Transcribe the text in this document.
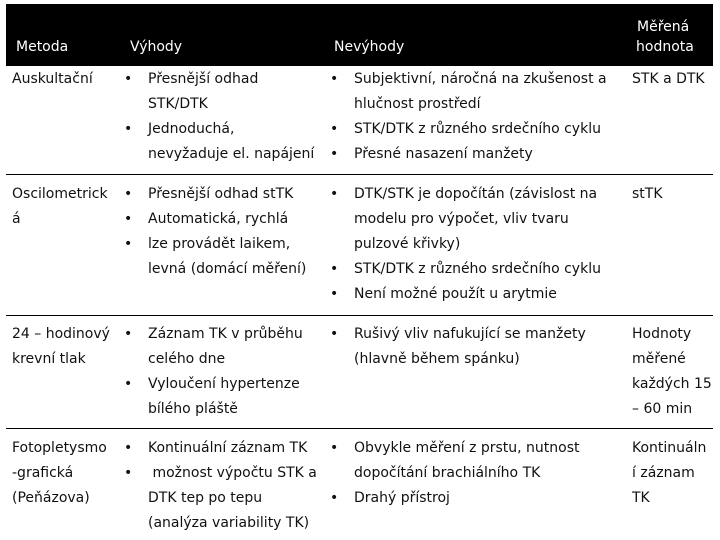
Metoda	Výhody	Nevýhody
Měřená
hodnota
Auskultační • Přesnější odhad
STK/DTK
• Jednoduchá,
nevyžaduje el. napájení
• Subjektivní, náročná na zkušenost a
hlučnost prostředí
• STK/DTK z různého srdečního cyklu
• Přesné nasazení manžety
STK a DTK
Oscilometrick
á
• Přesnější odhad stTK
• Automatická, rychlá
• lze provádět laikem,
levná (domácí měření)
• DTK/STK je dopočítán (závislost na
modelu pro výpočet, vliv tvaru
pulzové křivky)
• STK/DTK z různého srdečního cyklu
• Není možné použít u arytmie
stTK
24 – hodinový
krevní tlak
• Záznam TK v průběhu
celého dne
• Vyloučení hypertenze
bílého pláště
• Rušivý vliv nafukující se manžety
(hlavně během spánku)
Hodnoty
měřené
každých 15
– 60 min
Fotopletysmo
-grafická
(Peňázova)
• Kontinuální záznam TK
• možnost výpočtu STK a
DTK tep po tepu
(analýza variability TK)
• Obvykle měření z prstu, nutnost
dopočítání brachiálního TK
• Drahý přístroj
Kontinuáln
í záznam
TK
